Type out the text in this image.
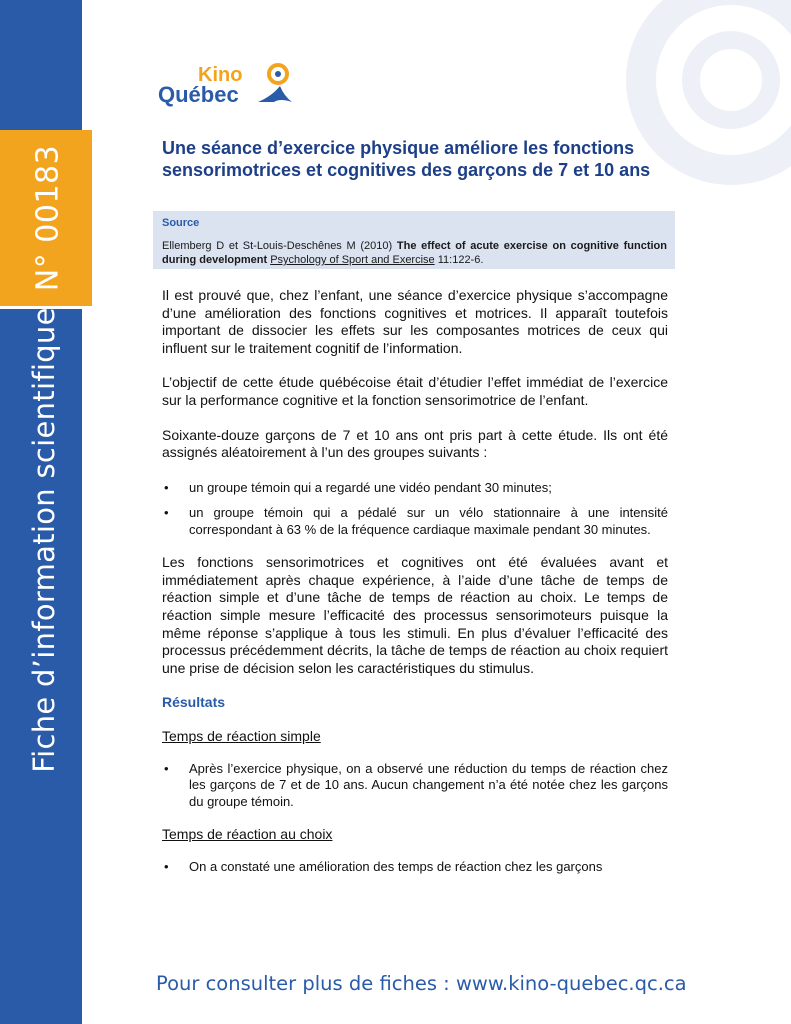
N° 00183
Fiche d’information scientifique
Kino
Québec
Une séance d’exercice physique améliore les fonctions sensorimotrices et cognitives des garçons de 7 et 10 ans
Source
Ellemberg D et St-Louis-Deschênes M (2010) The effect of acute exercise on cognitive function during development Psychology of Sport and Exercise 11:122-6.

Il est prouvé que, chez l’enfant, une séance d’exercice physique s’accompagne d’une amélioration des fonctions cognitives et motrices. Il apparaît toutefois important de dissocier les effets sur les composantes motrices de ceux qui influent sur le traitement cognitif de l’information.

L’objectif de cette étude québécoise était d’étudier l’effet immédiat de l’exercice sur la performance cognitive et la fonction sensorimotrice de l’enfant.

Soixante-douze garçons de 7 et 10 ans ont pris part à cette étude. Ils ont été assignés aléatoirement à l’un des groupes suivants :

• un groupe témoin qui a regardé une vidéo pendant 30 minutes;
• un groupe témoin qui a pédalé sur un vélo stationnaire à une intensité correspondant à 63 % de la fréquence cardiaque maximale pendant 30 minutes.

Les fonctions sensorimotrices et cognitives ont été évaluées avant et immédiatement après chaque expérience, à l’aide d’une tâche de temps de réaction simple et d’une tâche de temps de réaction au choix. Le temps de réaction simple mesure l’efficacité des processus sensorimoteurs puisque la même réponse s’applique à tous les stimuli. En plus d’évaluer l’efficacité des processus précédemment décrits, la tâche de temps de réaction au choix requiert une prise de décision selon les caractéristiques du stimulus.

Résultats
Temps de réaction simple
• Après l’exercice physique, on a observé une réduction du temps de réaction chez les garçons de 7 et de 10 ans. Aucun changement n’a été notée chez les garçons du groupe témoin.
Temps de réaction au choix
• On a constaté une amélioration des temps de réaction chez les garçons
Pour consulter plus de fiches : www.kino-quebec.qc.ca
